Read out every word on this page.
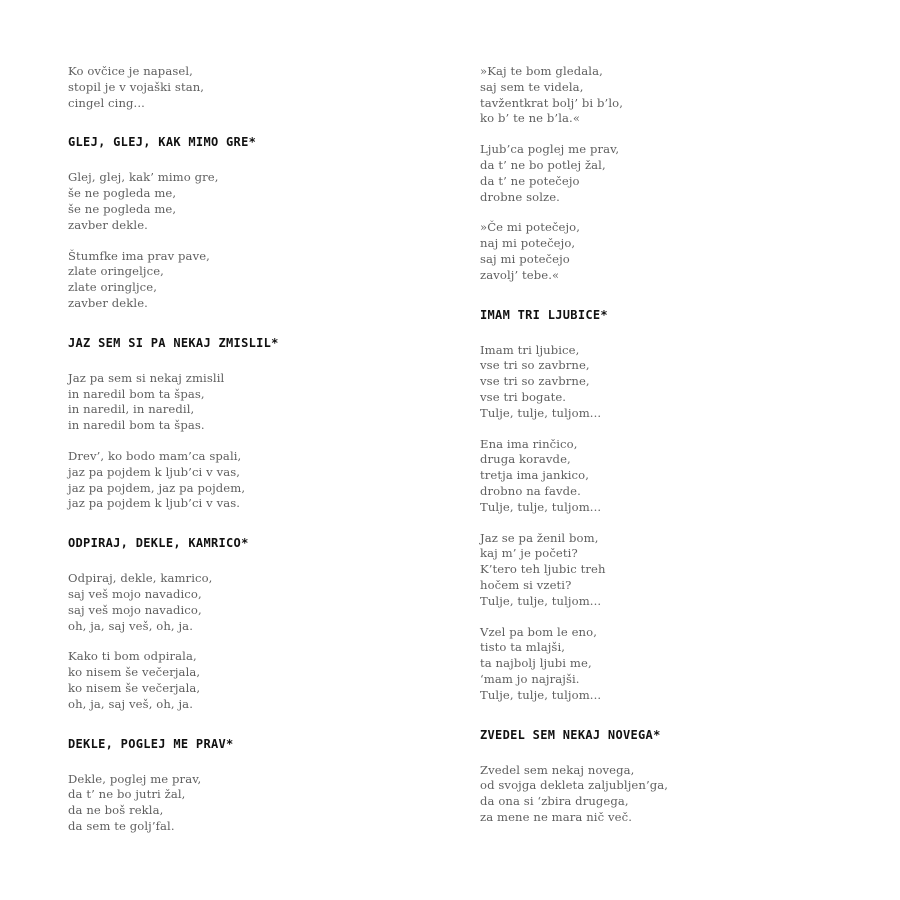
Ko ovčice je napasel,
stopil je v vojaški stan,
cingel cing...

GLEJ, GLEJ, KAK MIMO GRE*

Glej, glej, kak’ mimo gre,
še ne pogleda me,
še ne pogleda me,
zavber dekle.

Štumfke ima prav pave,
zlate oringeljce,
zlate oringljce,
zavber dekle.

JAZ SEM SI PA NEKAJ ZMISLIL*

Jaz pa sem si nekaj zmislil
in naredil bom ta špas,
in naredil, in naredil,
in naredil bom ta špas.

Drev’, ko bodo mam’ca spali,
jaz pa pojdem k ljub’ci v vas,
jaz pa pojdem, jaz pa pojdem,
jaz pa pojdem k ljub’ci v vas.

ODPIRAJ, DEKLE, KAMRICO*

Odpiraj, dekle, kamrico,
saj veš mojo navadico,
saj veš mojo navadico,
oh, ja, saj veš, oh, ja.

Kako ti bom odpirala,
ko nisem še večerjala,
ko nisem še večerjala,
oh, ja, saj veš, oh, ja.

DEKLE, POGLEJ ME PRAV*

Dekle, poglej me prav,
da t’ ne bo jutri žal,
da ne boš rekla,
da sem te golj’fal.

»Kaj te bom gledala,
saj sem te videla,
tavžentkrat bolj’ bi b’lo,
ko b’ te ne b’la.«

Ljub’ca poglej me prav,
da t’ ne bo potlej žal,
da t’ ne potečejo
drobne solze.

»Če mi potečejo,
naj mi potečejo,
saj mi potečejo
zavolj’ tebe.«

IMAM TRI LJUBICE*

Imam tri ljubice,
vse tri so zavbrne,
vse tri so zavbrne,
vse tri bogate.
Tulje, tulje, tuljom...

Ena ima rinčico,
druga koravde,
tretja ima jankico,
drobno na favde.
Tulje, tulje, tuljom...

Jaz se pa ženil bom,
kaj m’ je početi?
K’tero teh ljubic treh
hočem si vzeti?
Tulje, tulje, tuljom...

Vzel pa bom le eno,
tisto ta mlajši,
ta najbolj ljubi me,
‘mam jo najrajši.
Tulje, tulje, tuljom...

ZVEDEL SEM NEKAJ NOVEGA*

Zvedel sem nekaj novega,
od svojga dekleta zaljubljen’ga,
da ona si ‘zbira drugega,
za mene ne mara nič več.
